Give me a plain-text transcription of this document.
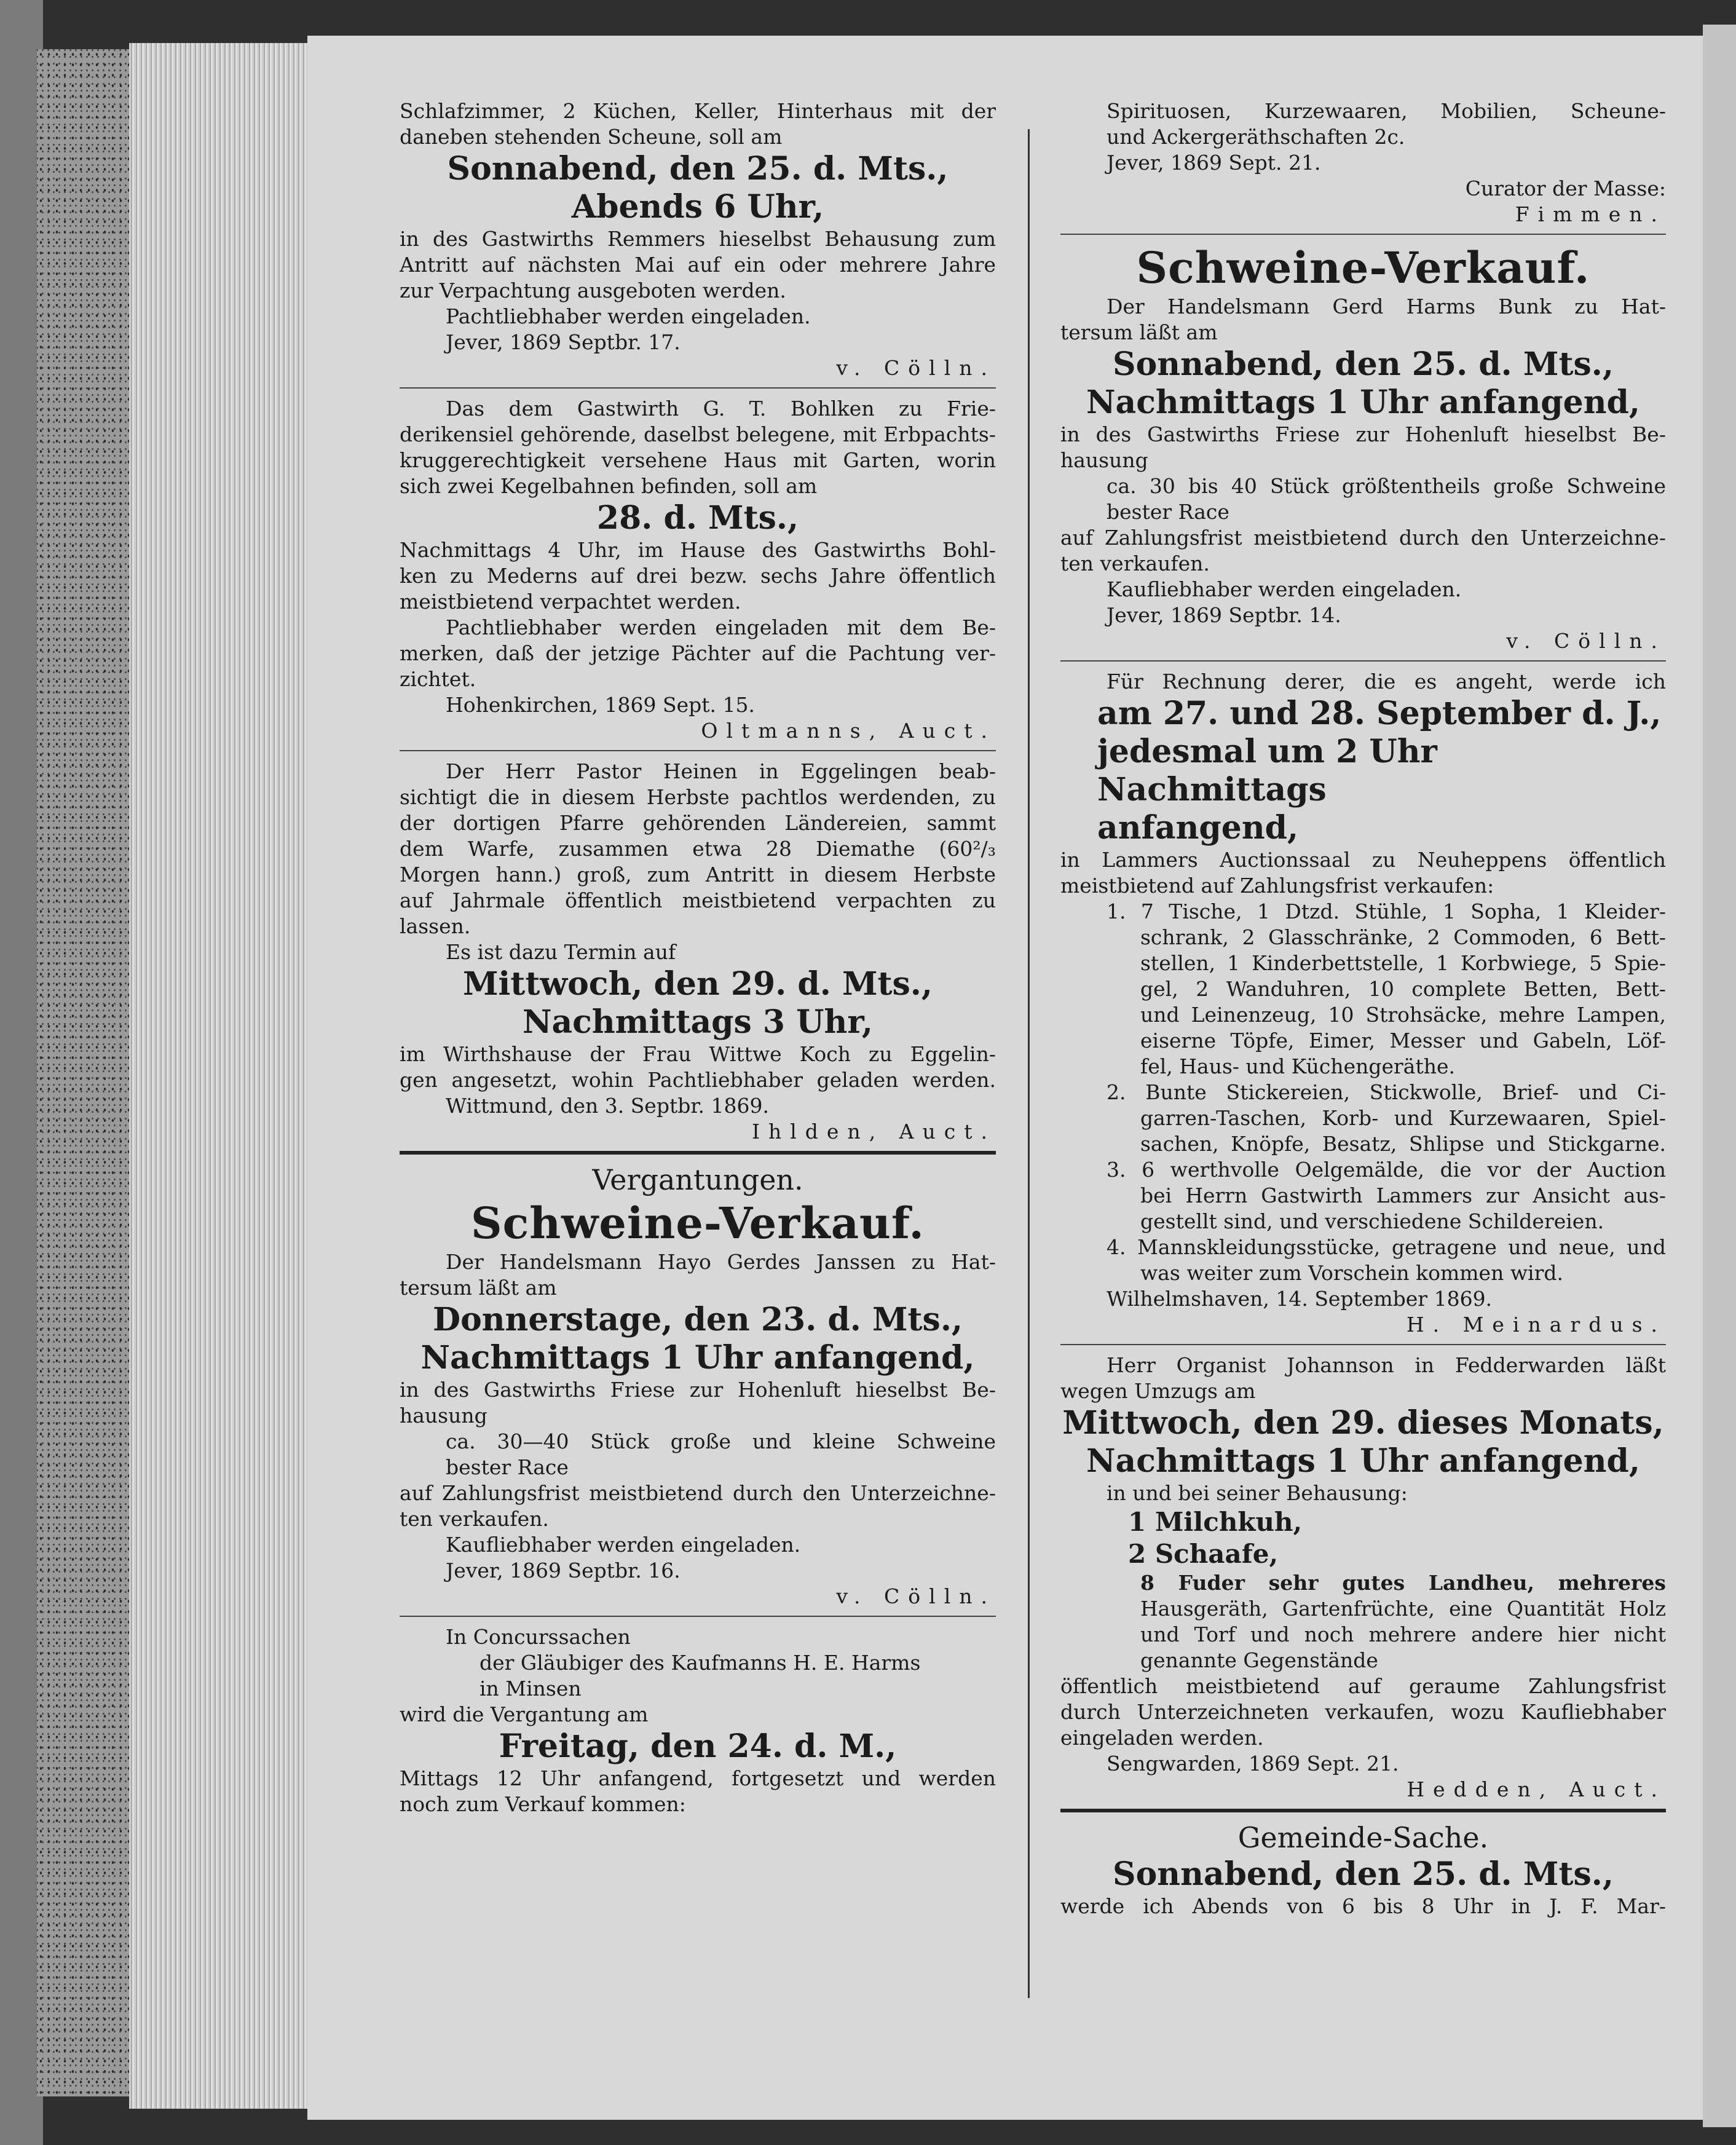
Schlafzimmer, 2 Küchen, Keller, Hinterhaus mit der
daneben stehenden Scheune, soll am
Sonnabend, den 25. d. Mts.,
Abends 6 Uhr,
in des Gastwirths Remmers hieselbst Behausung zum
Antritt auf nächsten Mai auf ein oder mehrere Jahre
zur Verpachtung ausgeboten werden.
Pachtliebhaber werden eingeladen.
Jever, 1869 Septbr. 17.
v. Cölln.
Das dem Gastwirth G. T. Bohlken zu Frie-
derikensiel gehörende, daselbst belegene, mit Erbpachts-
kruggerechtigkeit versehene Haus mit Garten, worin
sich zwei Kegelbahnen befinden, soll am
28. d. Mts.,
Nachmittags 4 Uhr, im Hause des Gastwirths Bohl-
ken zu Mederns auf drei bezw. sechs Jahre öffentlich
meistbietend verpachtet werden.
Pachtliebhaber werden eingeladen mit dem Be-
merken, daß der jetzige Pächter auf die Pachtung ver-
zichtet.
Hohenkirchen, 1869 Sept. 15.
Oltmanns, Auct.
Der Herr Pastor Heinen in Eggelingen beab-
sichtigt die in diesem Herbste pachtlos werdenden, zu
der dortigen Pfarre gehörenden Ländereien, sammt
dem Warfe, zusammen etwa 28 Diemathe (60²/₃
Morgen hann.) groß, zum Antritt in diesem Herbste
auf Jahrmale öffentlich meistbietend verpachten zu
lassen.
Es ist dazu Termin auf
Mittwoch, den 29. d. Mts.,
Nachmittags 3 Uhr,
im Wirthshause der Frau Wittwe Koch zu Eggelin-
gen angesetzt, wohin Pachtliebhaber geladen werden.
Wittmund, den 3. Septbr. 1869.
Ihlden, Auct.
Vergantungen.
Schweine-Verkauf.
Der Handelsmann Hayo Gerdes Janssen zu Hat-
tersum läßt am
Donnerstage, den 23. d. Mts.,
Nachmittags 1 Uhr anfangend,
in des Gastwirths Friese zur Hohenluft hieselbst Be-
hausung
ca. 30—40 Stück große und kleine Schweine
bester Race
auf Zahlungsfrist meistbietend durch den Unterzeichne-
ten verkaufen.
Kaufliebhaber werden eingeladen.
Jever, 1869 Septbr. 16.
v. Cölln.
In Concurssachen
der Gläubiger des Kaufmanns H. E. Harms
in Minsen
wird die Vergantung am
Freitag, den 24. d. M.,
Mittags 12 Uhr anfangend, fortgesetzt und werden
noch zum Verkauf kommen:
Spirituosen, Kurzewaaren, Mobilien, Scheune-
und Ackergeräthschaften 2c.
Jever, 1869 Sept. 21.
Curator der Masse:
Fimmen.
Schweine-Verkauf.
Der Handelsmann Gerd Harms Bunk zu Hat-
tersum läßt am
Sonnabend, den 25. d. Mts.,
Nachmittags 1 Uhr anfangend,
in des Gastwirths Friese zur Hohenluft hieselbst Be-
hausung
ca. 30 bis 40 Stück größtentheils große Schweine
bester Race
auf Zahlungsfrist meistbietend durch den Unterzeichne-
ten verkaufen.
Kaufliebhaber werden eingeladen.
Jever, 1869 Septbr. 14.
v. Cölln.
Für Rechnung derer, die es angeht, werde ich
am 27. und 28. September d. J.,
jedesmal um 2 Uhr Nachmittags
anfangend,
in Lammers Auctionssaal zu Neuheppens öffentlich
meistbietend auf Zahlungsfrist verkaufen:
1. 7 Tische, 1 Dtzd. Stühle, 1 Sopha, 1 Kleider-
schrank, 2 Glasschränke, 2 Commoden, 6 Bett-
stellen, 1 Kinderbettstelle, 1 Korbwiege, 5 Spie-
gel, 2 Wanduhren, 10 complete Betten, Bett-
und Leinenzeug, 10 Strohsäcke, mehre Lampen,
eiserne Töpfe, Eimer, Messer und Gabeln, Löf-
fel, Haus- und Küchengeräthe.
2. Bunte Stickereien, Stickwolle, Brief- und Ci-
garren-Taschen, Korb- und Kurzewaaren, Spiel-
sachen, Knöpfe, Besatz, Shlipse und Stickgarne.
3. 6 werthvolle Oelgemälde, die vor der Auction
bei Herrn Gastwirth Lammers zur Ansicht aus-
gestellt sind, und verschiedene Schildereien.
4. Mannskleidungsstücke, getragene und neue, und
was weiter zum Vorschein kommen wird.
Wilhelmshaven, 14. September 1869.
H. Meinardus.
Herr Organist Johannson in Fedderwarden läßt
wegen Umzugs am
Mittwoch, den 29. dieses Monats,
Nachmittags 1 Uhr anfangend,
in und bei seiner Behausung:
1 Milchkuh,
2 Schaafe,
8 Fuder sehr gutes Landheu, mehreres
Hausgeräth, Gartenfrüchte, eine Quantität Holz
und Torf und noch mehrere andere hier nicht
genannte Gegenstände
öffentlich meistbietend auf geraume Zahlungsfrist
durch Unterzeichneten verkaufen, wozu Kaufliebhaber
eingeladen werden.
Sengwarden, 1869 Sept. 21.
Hedden, Auct.
Gemeinde-Sache.
Sonnabend, den 25. d. Mts.,
werde ich Abends von 6 bis 8 Uhr in J. F. Mar-
